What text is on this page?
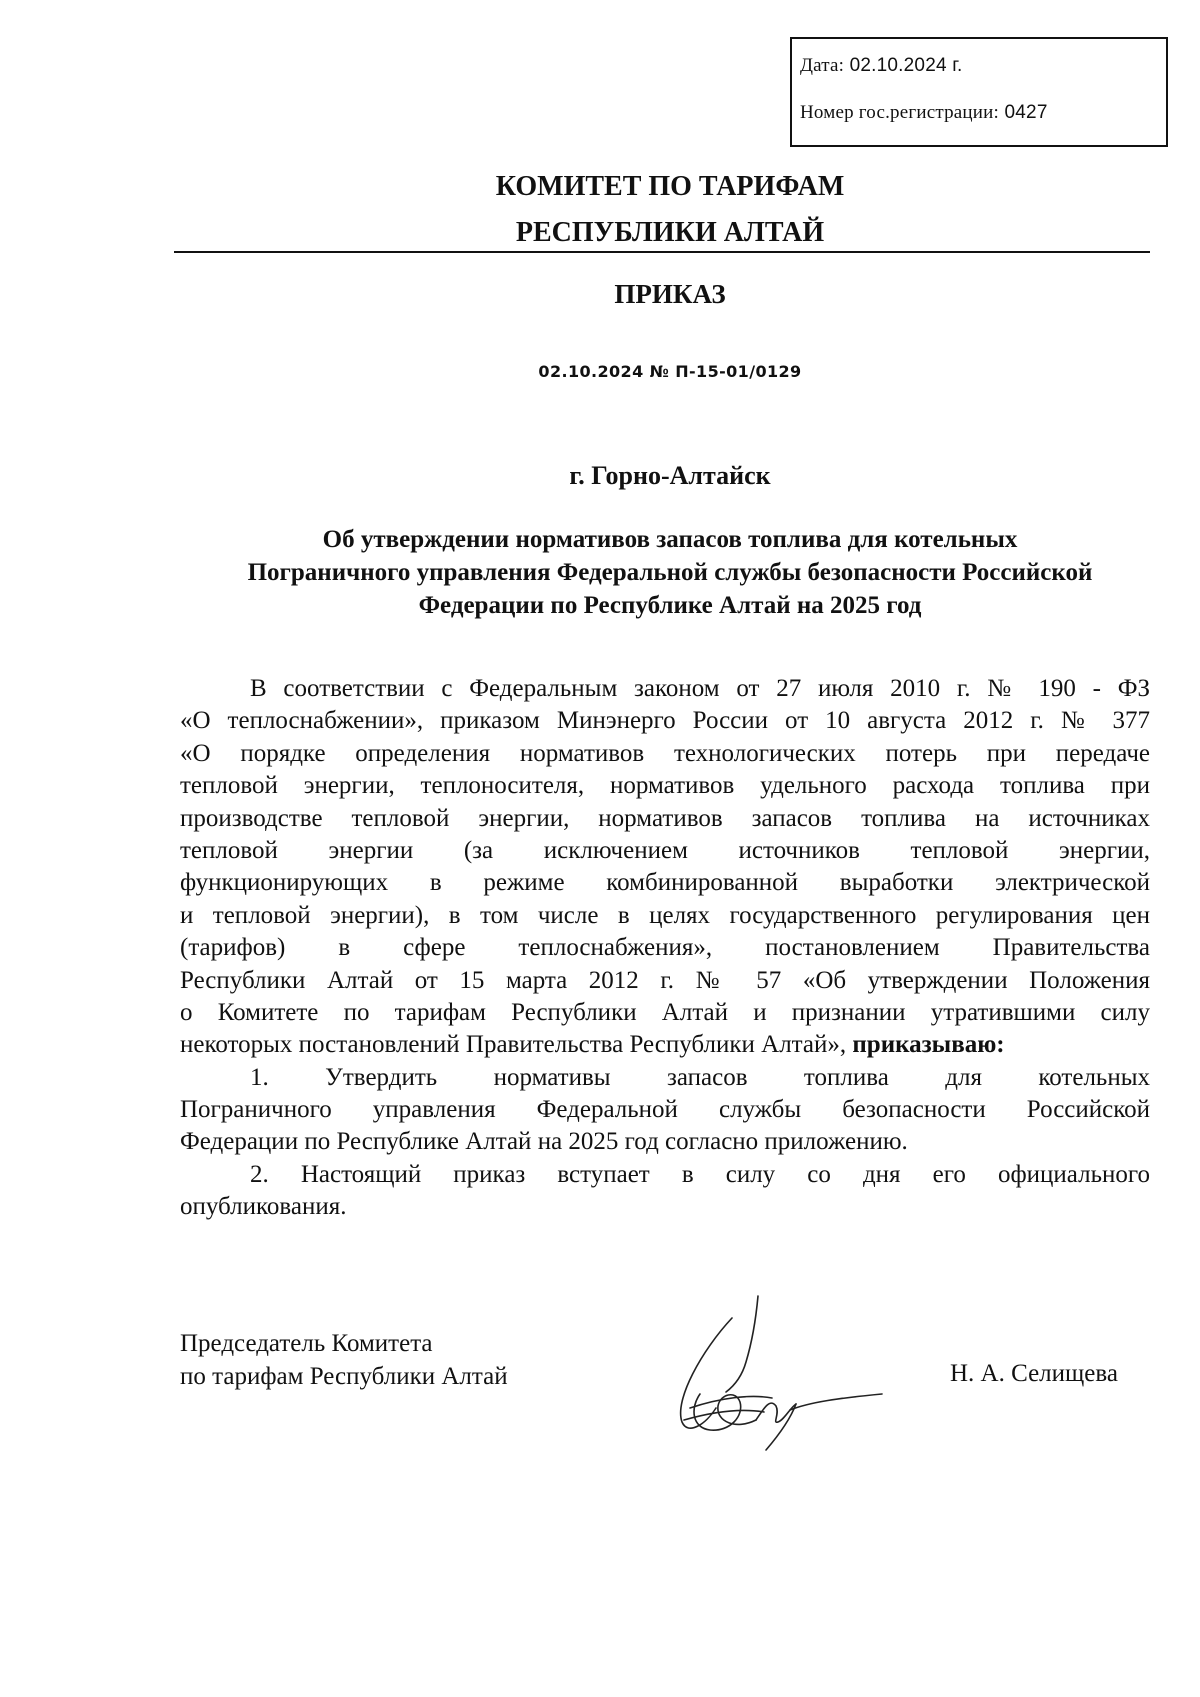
Дата: 02.10.2024 г.
Номер гос.регистрации: 0427
КОМИТЕТ ПО ТАРИФАМ
РЕСПУБЛИКИ АЛТАЙ
ПРИКАЗ
02.10.2024 № П-15-01/0129
г. Горно-Алтайск
Об утверждении нормативов запасов топлива для котельных
Пограничного управления Федеральной службы безопасности Российской
Федерации по Республике Алтай на 2025 год
В соответствии с Федеральным законом от 27 июля 2010 г. № 190 - ФЗ
«О теплоснабжении», приказом Минэнерго России от 10 августа 2012 г. № 377
«О порядке определения нормативов технологических потерь при передаче
тепловой энергии, теплоносителя, нормативов удельного расхода топлива при
производстве тепловой энергии, нормативов запасов топлива на источниках
тепловой энергии (за исключением источников тепловой энергии,
функционирующих в режиме комбинированной выработки электрической
и тепловой энергии), в том числе в целях государственного регулирования цен
(тарифов) в сфере теплоснабжения», постановлением Правительства
Республики Алтай от 15 марта 2012 г. № 57 «Об утверждении Положения
о Комитете по тарифам Республики Алтай и признании утратившими силу
некоторых постановлений Правительства Республики Алтай», приказываю:
1. Утвердить нормативы запасов топлива для котельных
Пограничного управления Федеральной службы безопасности Российской
Федерации по Республике Алтай на 2025 год согласно приложению.
2. Настоящий приказ вступает в силу со дня его официального
опубликования.
Председатель Комитета
по тарифам Республики Алтай	Н. А. Селищева
